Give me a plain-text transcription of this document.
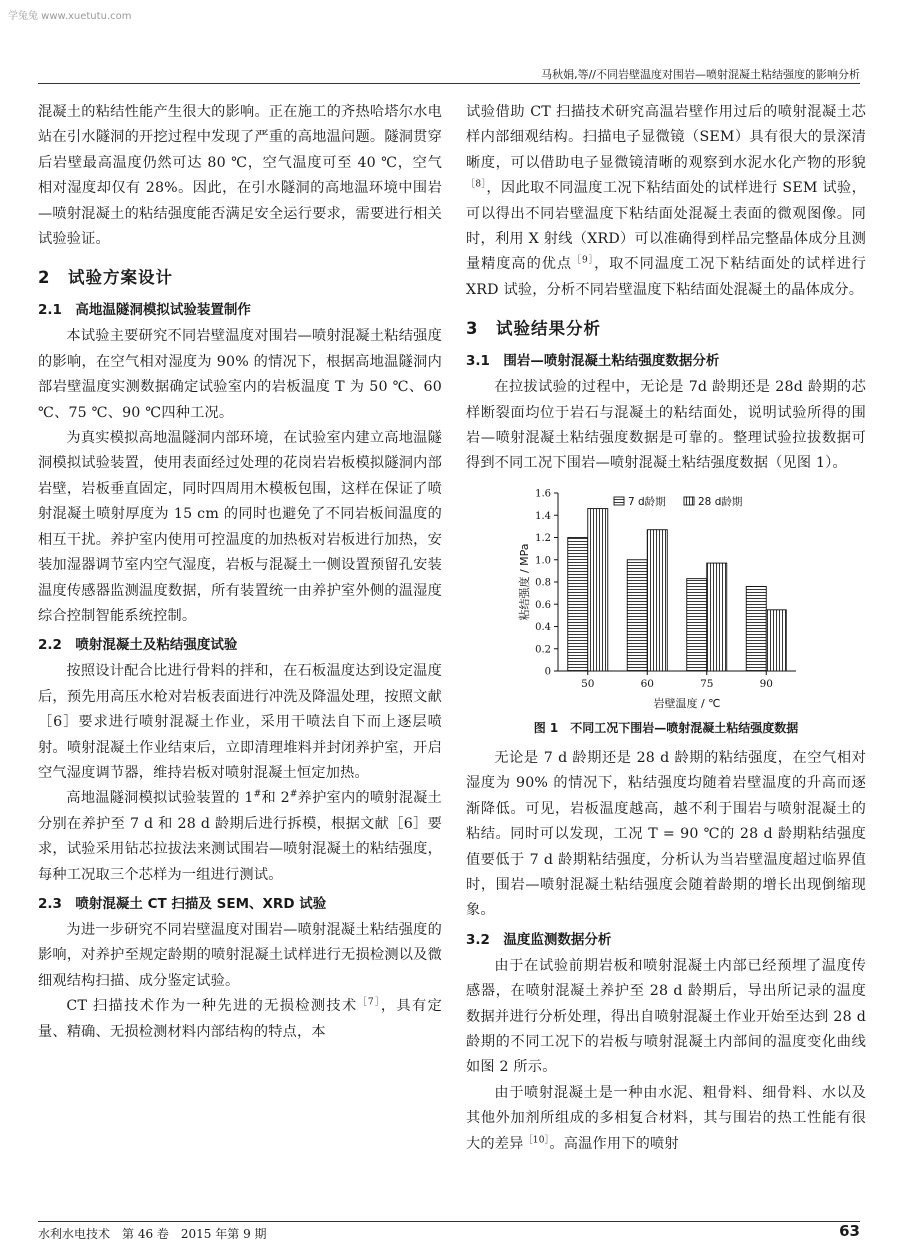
学兔兔 www.xuetutu.com
马秋娟,等//不同岩壁温度对围岩—喷射混凝土粘结强度的影响分析

混凝土的粘结性能产生很大的影响。正在施工的齐热哈塔尔水电站在引水隧洞的开挖过程中发现了严重的高地温问题。隧洞贯穿后岩壁最高温度仍然可达 80 ℃，空气温度可至 40 ℃，空气相对湿度却仅有 28%。因此，在引水隧洞的高地温环境中围岩—喷射混凝土的粘结强度能否满足安全运行要求，需要进行相关试验验证。

2　试验方案设计
2.1　高地温隧洞模拟试验装置制作

本试验主要研究不同岩壁温度对围岩—喷射混凝土粘结强度的影响，在空气相对湿度为 90% 的情况下，根据高地温隧洞内部岩壁温度实测数据确定试验室内的岩板温度 T 为 50 ℃、60 ℃、75 ℃、90 ℃四种工况。

为真实模拟高地温隧洞内部环境，在试验室内建立高地温隧洞模拟试验装置，使用表面经过处理的花岗岩岩板模拟隧洞内部岩壁，岩板垂直固定，同时四周用木模板包围，这样在保证了喷射混凝土喷射厚度为 15 cm 的同时也避免了不同岩板间温度的相互干扰。养护室内使用可控温度的加热板对岩板进行加热，安装加湿器调节室内空气湿度，岩板与混凝土一侧设置预留孔安装温度传感器监测温度数据，所有装置统一由养护室外侧的温湿度综合控制智能系统控制。

2.2　喷射混凝土及粘结强度试验

按照设计配合比进行骨料的拌和，在石板温度达到设定温度后，预先用高压水枪对岩板表面进行冲洗及降温处理，按照文献［6］要求进行喷射混凝土作业，采用干喷法自下而上逐层喷射。喷射混凝土作业结束后，立即清理堆料并封闭养护室，开启空气湿度调节器，维持岩板对喷射混凝土恒定加热。

高地温隧洞模拟试验装置的 1#和 2#养护室内的喷射混凝土分别在养护至 7 d 和 28 d 龄期后进行拆模，根据文献［6］要求，试验采用钻芯拉拔法来测试围岩—喷射混凝土的粘结强度，每种工况取三个芯样为一组进行测试。

2.3　喷射混凝土 CT 扫描及 SEM、XRD 试验

为进一步研究不同岩壁温度对围岩—喷射混凝土粘结强度的影响，对养护至规定龄期的喷射混凝土试样进行无损检测以及微细观结构扫描、成分鉴定试验。

CT 扫描技术作为一种先进的无损检测技术$^{[7]}$，具有定量、精确、无损检测材料内部结构的特点，本

试验借助 CT 扫描技术研究高温岩壁作用过后的喷射混凝土芯样内部细观结构。扫描电子显微镜（SEM）具有很大的景深清晰度，可以借助电子显微镜清晰的观察到水泥水化产物的形貌$^{[8]}$，因此取不同温度工况下粘结面处的试样进行 SEM 试验，可以得出不同岩壁温度下粘结面处混凝土表面的微观图像。同时，利用 X 射线（XRD）可以准确得到样品完整晶体成分且测量精度高的优点$^{[9]}$，取不同温度工况下粘结面处的试样进行 XRD 试验，分析不同岩壁温度下粘结面处混凝土的晶体成分。

3　试验结果分析
3.1　围岩—喷射混凝土粘结强度数据分析

在拉拔试验的过程中，无论是 7d 龄期还是 28d 龄期的芯样断裂面均位于岩石与混凝土的粘结面处，说明试验所得的围岩—喷射混凝土粘结强度数据是可靠的。整理试验拉拔数据可得到不同工况下围岩—喷射混凝土粘结强度数据（见图 1）。

0
0.2
0.4
0.6
0.8
1.0
1.2
1.4
1.6
50	60	75	90
粘结强度 / MPa
岩壁温度 / ℃
7 d龄期	28 d龄期
图 1　不同工况下围岩—喷射混凝土粘结强度数据

无论是 7 d 龄期还是 28 d 龄期的粘结强度，在空气相对湿度为 90% 的情况下，粘结强度均随着岩壁温度的升高而逐渐降低。可见，岩板温度越高，越不利于围岩与喷射混凝土的粘结。同时可以发现，工况 T = 90 ℃的 28 d 龄期粘结强度值要低于 7 d 龄期粘结强度，分析认为当岩壁温度超过临界值时，围岩—喷射混凝土粘结强度会随着龄期的增长出现倒缩现象。

3.2　温度监测数据分析

由于在试验前期岩板和喷射混凝土内部已经预埋了温度传感器，在喷射混凝土养护至 28 d 龄期后，导出所记录的温度数据并进行分析处理，得出自喷射混凝土作业开始至达到 28 d 龄期的不同工况下的岩板与喷射混凝土内部间的温度变化曲线如图 2 所示。

由于喷射混凝土是一种由水泥、粗骨料、细骨料、水以及其他外加剂所组成的多相复合材料，其与围岩的热工性能有很大的差异$^{[10]}$。高温作用下的喷射

水利水电技术　第 46 卷　2015 年第 9 期	63
